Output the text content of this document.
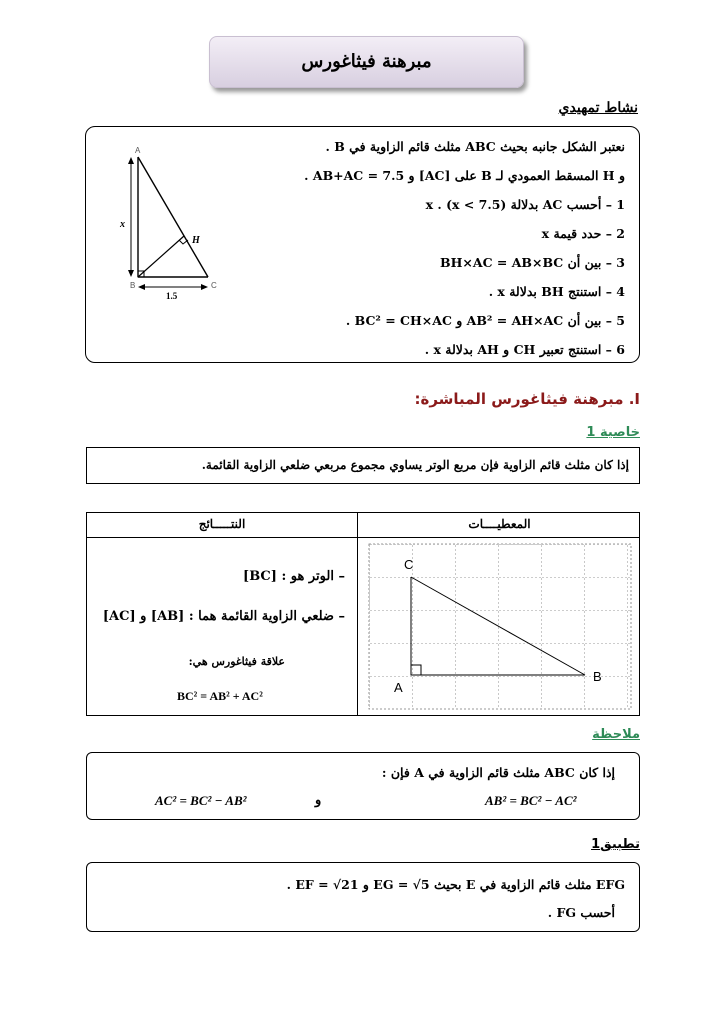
مبرهنة فيثاغورس
نشاط تمهيدي
نعتبر الشكل جانبه بحيث ABC مثلث قائم الزاوية في B .
و H المسقط العمودي لـ B على [AC] و AB+AC = 7.5 .
1 – أحسب AC بدلالة x . (x < 7.5)
2 – حدد قيمة x
3 – بين أن BH×AC = AB×BC
4 – استنتج BH بدلالة x .
5 – بين أن AB² = AH×AC و BC² = CH×AC .
6 – استنتج تعبير CH و AH بدلالة x .
A
B	C
H
x
1.5
I. مبرهنة فيثاغورس المباشرة:
خاصية 1
إذا كان مثلث قائم الزاوية فإن مربع الوتر يساوي مجموع مربعي ضلعي الزاوية القائمة.
المعطيــــات
النتـــــائج
– الوتر هو : [BC]
– ضلعي الزاوية القائمة هما : [AB] و [AC]
علاقة فيثاغورس هي:
BC² = AB² + AC²
C
A
B
ملاحظة
إذا كان ABC مثلث قائم الزاوية في A فإن :
AB² = BC² − AC²
و
AC² = BC² − AB²
تطبيق1
EFG مثلث قائم الزاوية في E بحيث EG = √5 و EF = √21 .
أحسب FG .
